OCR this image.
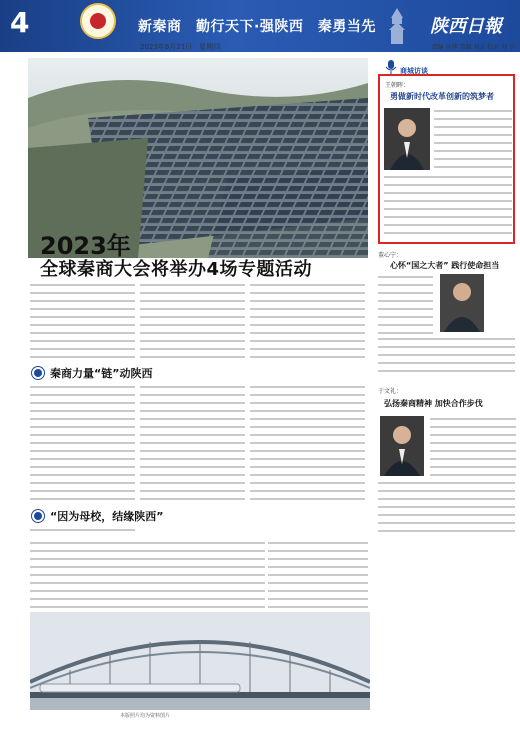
4	新秦商　勤行天下·强陕西　秦勇当先	陕西日報
2023年8月21日　星期四	责编 孙博 美编 刘方 校对 刘 小
2023年
全球秦商大会将举办4场专题活动
秦商力量“链”动陕西
“因为母校，结缘陕西”
本版照片均为资料图片
商城访谈
王朝晖：
勇做新时代改革创新的筑梦者
董心宁：
心怀“国之大者” 践行使命担当
于文礼：
弘扬秦商精神 加快合作步伐
